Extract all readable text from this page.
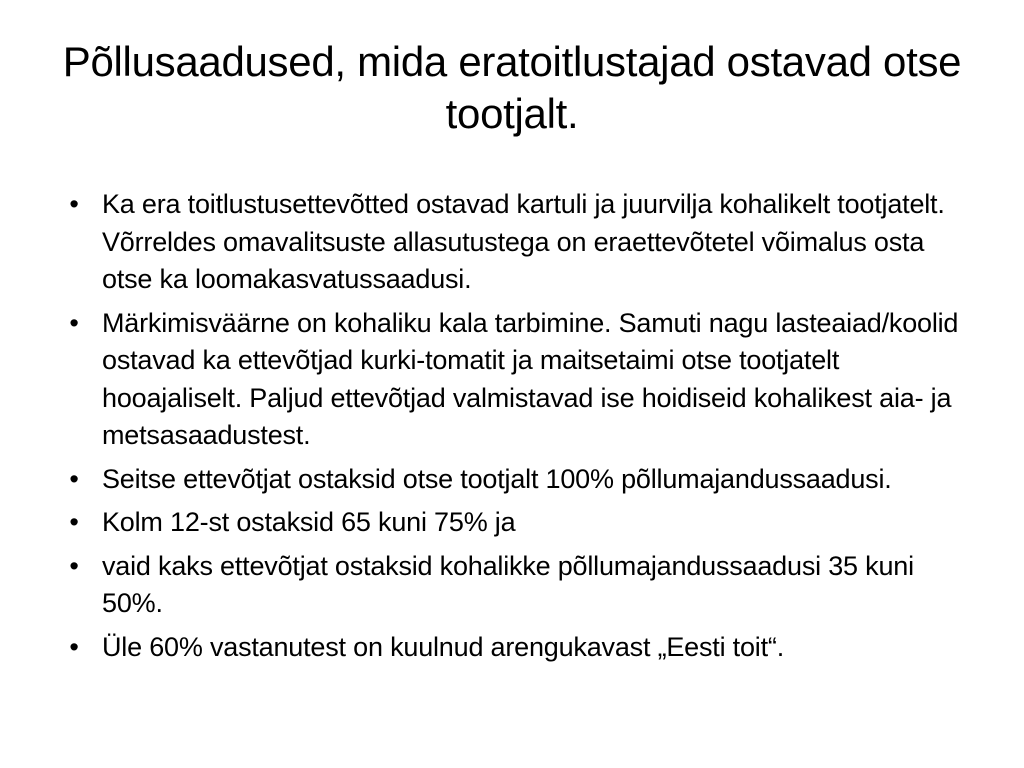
Põllusaadused, mida eratoitlustajad ostavad otse tootjalt.
• Ka era toitlustusettevõtted ostavad kartuli ja juurvilja kohalikelt tootjatelt. Võrreldes omavalitsuste allasutustega on eraettevõtetel võimalus osta otse ka loomakasvatussaadusi.
• Märkimisväärne on kohaliku kala tarbimine. Samuti nagu lasteaiad/koolid ostavad ka ettevõtjad kurki-tomatit ja maitsetaimi otse tootjatelt hooajaliselt. Paljud ettevõtjad valmistavad ise hoidiseid kohalikest aia- ja metsasaadustest.
• Seitse ettevõtjat ostaksid otse tootjalt 100% põllumajandussaadusi.
• Kolm 12-st ostaksid 65 kuni 75% ja
• vaid kaks ettevõtjat ostaksid kohalikke põllumajandussaadusi 35 kuni 50%.
• Üle 60% vastanutest on kuulnud arengukavast „Eesti toit“.
